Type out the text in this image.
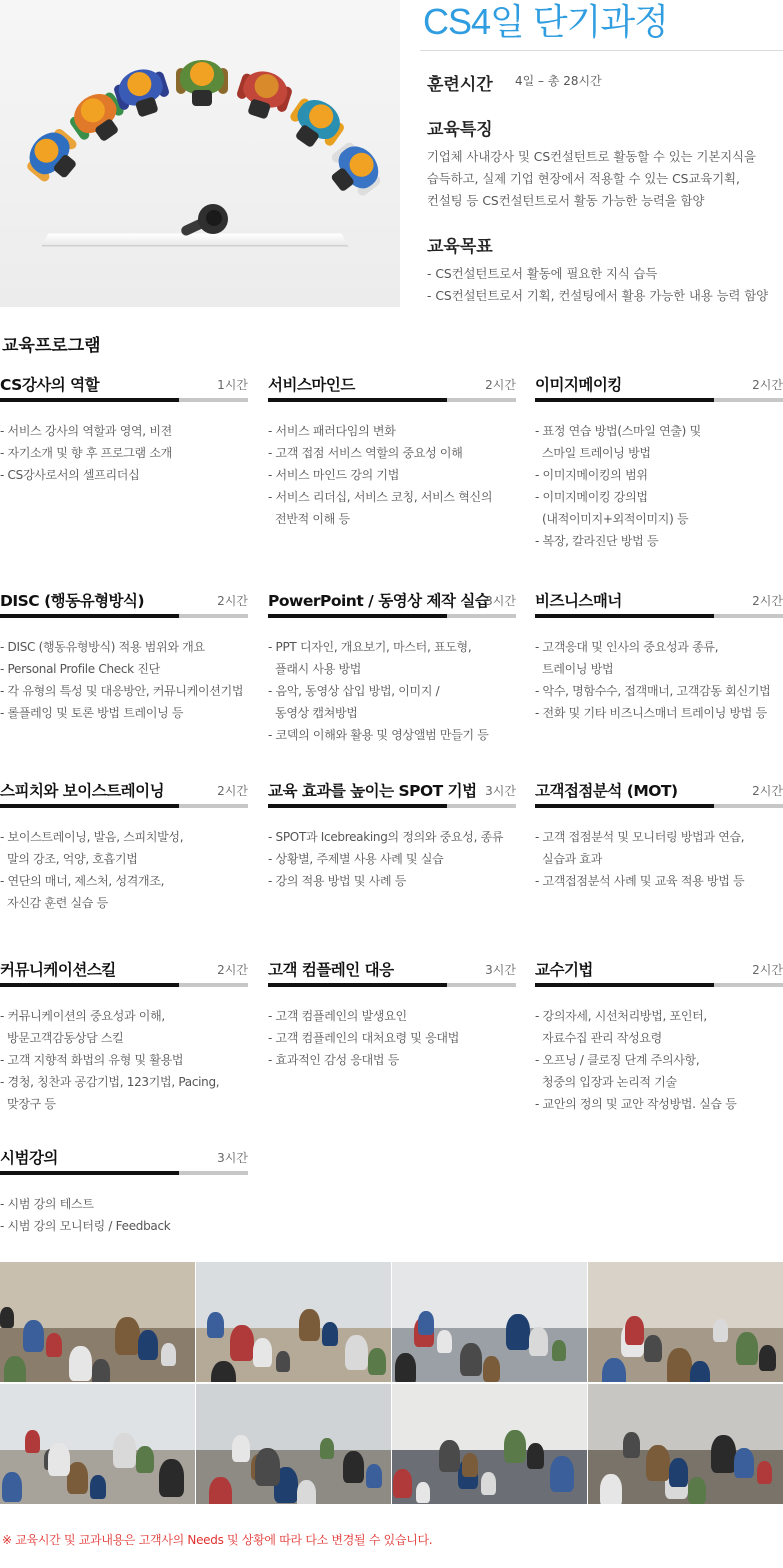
CS4일 단기과정
훈련시간 4일 – 총 28시간
교육특징
기업체 사내강사 및 CS컨설턴트로 활동할 수 있는 기본지식을
습득하고, 실제 기업 현장에서 적용할 수 있는 CS교육기획,
컨설팅 등 CS컨설턴트로서 활동 가능한 능력을 함양
교육목표
- CS컨설턴트로서 활동에 필요한 지식 습득
- CS컨설턴트로서 기획, 컨설팅에서 활용 가능한 내용 능력 함양
교육프로그램
CS강사의 역할	1시간
- 서비스 강사의 역할과 영역, 비젼
- 자기소개 및 향 후 프로그램 소개
- CS강사로서의 셀프리더십
서비스마인드	2시간
- 서비스 패러다임의 변화
- 고객 접점 서비스 역할의 중요성 이해
- 서비스 마인드 강의 기법
- 서비스 리더십, 서비스 코칭, 서비스 혁신의
전반적 이해 등
이미지메이킹	2시간
- 표정 연습 방법(스마일 연출) 및
스마일 트레이닝 방법
- 이미지메이킹의 범위
- 이미지메이킹 강의법
(내적이미지+외적이미지) 등
- 복장, 칼라진단 방법 등
DISC (행동유형방식)	2시간
- DISC (행동유형방식) 적용 범위와 개요
- Personal Profile Check 진단
- 각 유형의 특성 및 대응방안, 커뮤니케이션기법
- 롤플레잉 및 토론 방법 트레이닝 등
PowerPoint / 동영상 제작 실습
3시간
- PPT 디자인, 개요보기, 마스터, 표도형,
플래시 사용 방법
- 음악, 동영상 삽입 방법, 이미지 /
동영상 캡쳐방법
- 코덱의 이해와 활용 및 영상앨범 만들기 등
비즈니스매너	2시간
- 고객응대 및 인사의 중요성과 종류,
트레이닝 방법
- 악수, 명함수수, 접객매너, 고객감동 회신기법
- 전화 및 기타 비즈니스매너 트레이닝 방법 등
스피치와 보이스트레이닝	2시간
- 보이스트레이닝, 발음, 스피치발성,
말의 강조, 억양, 호흡기법
- 연단의 매너, 제스처, 성격개조,
자신감 훈련 실습 등
교육 효과를 높이는 SPOT 기법 3시간
- SPOT과 Icebreaking의 정의와 중요성, 종류
- 상황별, 주제별 사용 사례 및 실습
- 강의 적용 방법 및 사례 등
고객접점분석 (MOT)	2시간
- 고객 접점분석 및 모니터링 방법과 연습,
실습과 효과
- 고객접점분석 사례 및 교육 적용 방법 등
커뮤니케이션스킬	2시간
- 커뮤니케이션의 중요성과 이해,
방문고객감동상담 스킬
- 고객 지향적 화법의 유형 및 활용법
- 경청, 칭찬과 공감기법, 123기법, Pacing,
맞장구 등
고객 컴플레인 대응	3시간
- 고객 컴플레인의 발생요인
- 고객 컴플레인의 대처요령 및 응대법
- 효과적인 감성 응대법 등
교수기법	2시간
- 강의자세, 시선처리방법, 포인터,
자료수집 관리 작성요령
- 오프닝 / 클로징 단계 주의사항,
청중의 입장과 논리적 기술
- 교안의 정의 및 교안 작성방법. 실습 등
시범강의	3시간
- 시범 강의 테스트
- 시범 강의 모니터링 / Feedback
※ 교육시간 및 교과내용은 고객사의 Needs 및 상황에 따라 다소 변경될 수 있습니다.
